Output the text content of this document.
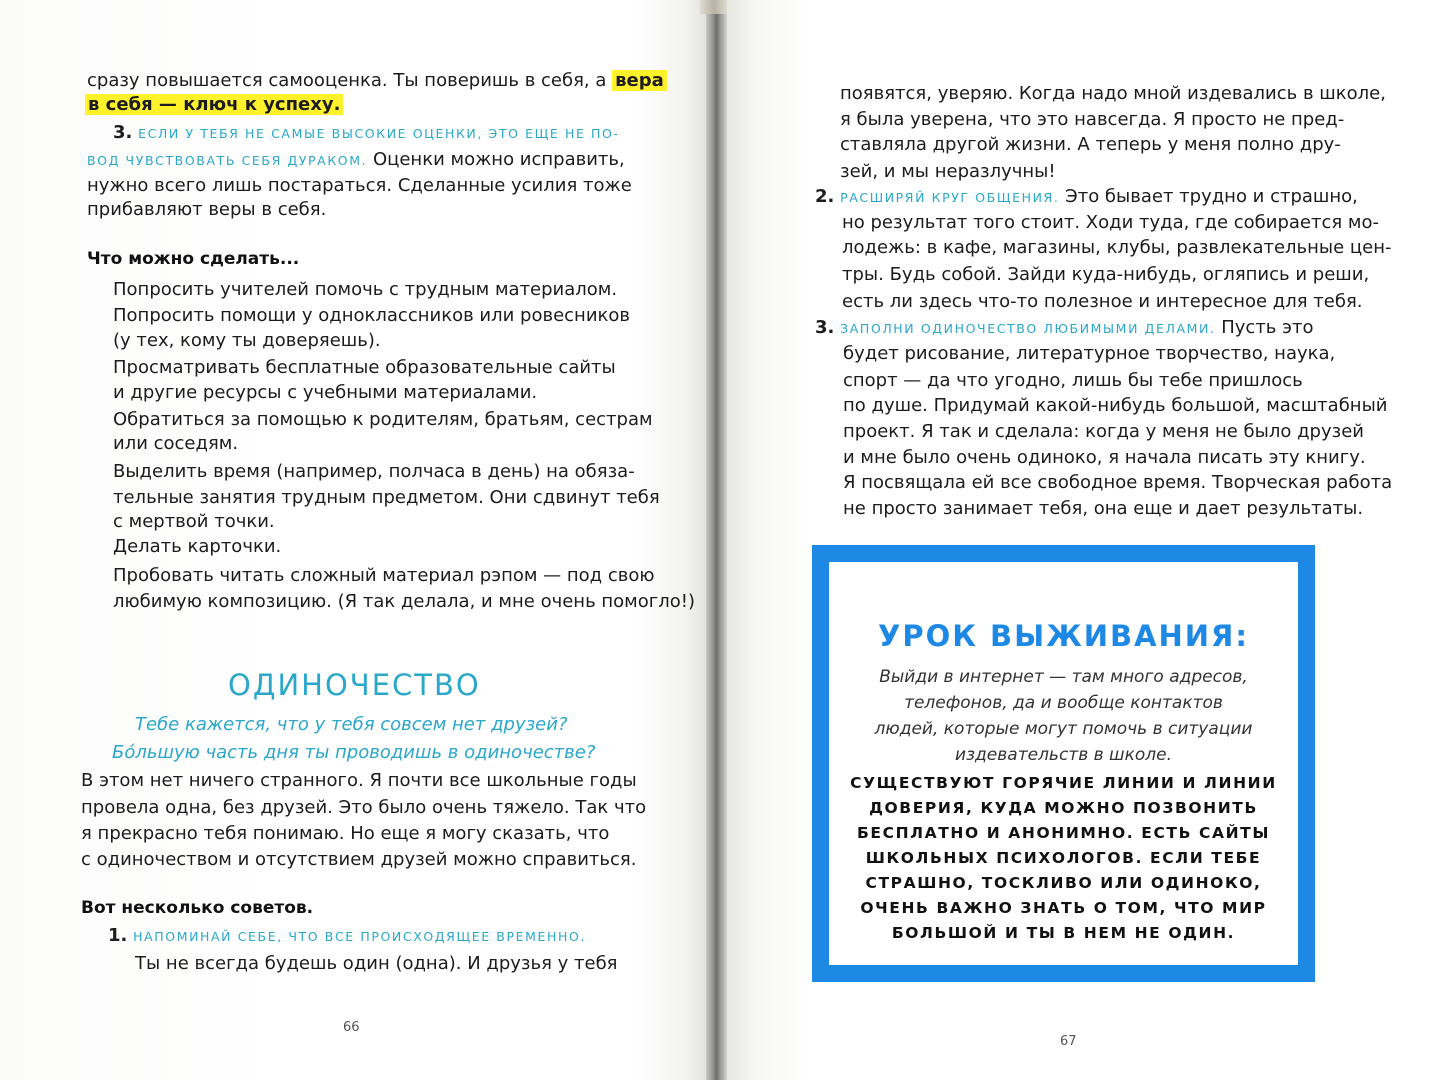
сразу повышается самооценка. Ты поверишь в себя, а вера

в себя — ключ к успеху.

3. ЕСЛИ У ТЕБЯ НЕ САМЫЕ ВЫСОКИЕ ОЦЕНКИ, ЭТО ЕЩЕ НЕ ПО-

ВОД ЧУВСТВОВАТЬ СЕБЯ ДУРАКОМ. Оценки можно исправить,

нужно всего лишь постараться. Сделанные усилия тоже

прибавляют веры в себя.

Что можно сделать...

Попросить учителей помочь с трудным материалом.

Попросить помощи у одноклассников или ровесников

(у тех, кому ты доверяешь).

Просматривать бесплатные образовательные сайты

и другие ресурсы с учебными материалами.

Обратиться за помощью к родителям, братьям, сестрам

или соседям.

Выделить время (например, полчаса в день) на обяза-

тельные занятия трудным предметом. Они сдвинут тебя

с мертвой точки.

Делать карточки.

Пробовать читать сложный материал рэпом — под свою

любимую композицию. (Я так делала, и мне очень помогло!)

ОДИНОЧЕСТВО

Тебе кажется, что у тебя совсем нет друзей?

Бо́льшую часть дня ты проводишь в одиночестве?

В этом нет ничего странного. Я почти все школьные годы

провела одна, без друзей. Это было очень тяжело. Так что

я прекрасно тебя понимаю. Но еще я могу сказать, что

с одиночеством и отсутствием друзей можно справиться.

Вот несколько советов.

1. НАПОМИНАЙ СЕБЕ, ЧТО ВСЕ ПРОИСХОДЯЩЕЕ ВРЕМЕННО.

Ты не всегда будешь один (одна). И друзья у тебя

66

появятся, уверяю. Когда надо мной издевались в школе,

я была уверена, что это навсегда. Я просто не пред-

ставляла другой жизни. А теперь у меня полно дру-

зей, и мы неразлучны!

2. РАСШИРЯЙ КРУГ ОБЩЕНИЯ. Это бывает трудно и страшно,

но результат того стоит. Ходи туда, где собирается мо-

лодежь: в кафе, магазины, клубы, развлекательные цен-

тры. Будь собой. Зайди куда-нибудь, огляпись и реши,

есть ли здесь что-то полезное и интересное для тебя.

3. ЗАПОЛНИ ОДИНОЧЕСТВО ЛЮБИМЫМИ ДЕЛАМИ. Пусть это

будет рисование, литературное творчество, наука,

спорт — да что угодно, лишь бы тебе пришлось

по душе. Придумай какой-нибудь большой, масштабный

проект. Я так и сделала: когда у меня не было друзей

и мне было очень одиноко, я начала писать эту книгу.

Я посвящала ей все свободное время. Творческая работа

не просто занимает тебя, она еще и дает результаты.

67

УРОК ВЫЖИВАНИЯ:

Выйди в интернет — там много адресов,
телефонов, да и вообще контактов
людей, которые могут помочь в ситуации
издевательств в школе.
СУЩЕСТВУЮТ ГОРЯЧИЕ ЛИНИИ И ЛИНИИ
ДОВЕРИЯ, КУДА МОЖНО ПОЗВОНИТЬ
БЕСПЛАТНО И АНОНИМНО. ЕСТЬ САЙТЫ
ШКОЛЬНЫХ ПСИХОЛОГОВ. ЕСЛИ ТЕБЕ
СТРАШНО, ТОСКЛИВО ИЛИ ОДИНОКО,
ОЧЕНЬ ВАЖНО ЗНАТЬ О ТОМ, ЧТО МИР
БОЛЬШОЙ И ТЫ В НЕМ НЕ ОДИН.
